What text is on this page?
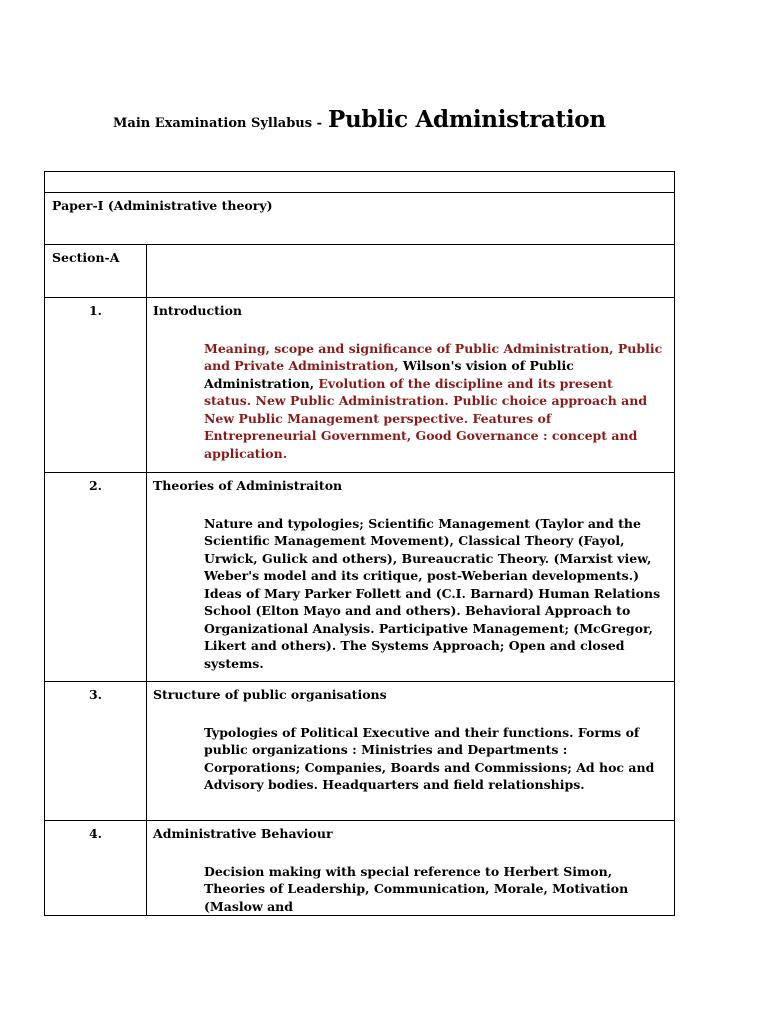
Main Examination Syllabus - Public Administration

Paper-I (Administrative theory)	
Section-A	
1.	Introduction
Meaning, scope and significance of Public Administration, Public and Private Administration, Wilson's vision of Public Administration, Evolution of the discipline and its present status. New Public Administration. Public choice approach and New Public Management perspective. Features of Entrepreneurial Government, Good Governance : concept and application.

2.	Theories of Administraiton
Nature and typologies; Scientific Management (Taylor and the Scientific Management Movement), Classical Theory (Fayol, Urwick, Gulick and others), Bureaucratic Theory. (Marxist view, Weber's model and its critique, post-Weberian developments.) Ideas of Mary Parker Follett and (C.I. Barnard) Human Relations School (Elton Mayo and and others). Behavioral Approach to Organizational Analysis. Participative Management; (McGregor, Likert and others). The Systems Approach; Open and closed systems.

3.	Structure of public organisations
Typologies of Political Executive and their functions. Forms of public organizations : Ministries and Departments : Corporations; Companies, Boards and Commissions; Ad hoc and Advisory bodies. Headquarters and field relationships.

4.	Administrative Behaviour
Decision making with special reference to Herbert Simon, Theories of Leadership, Communication, Morale, Motivation (Maslow and
